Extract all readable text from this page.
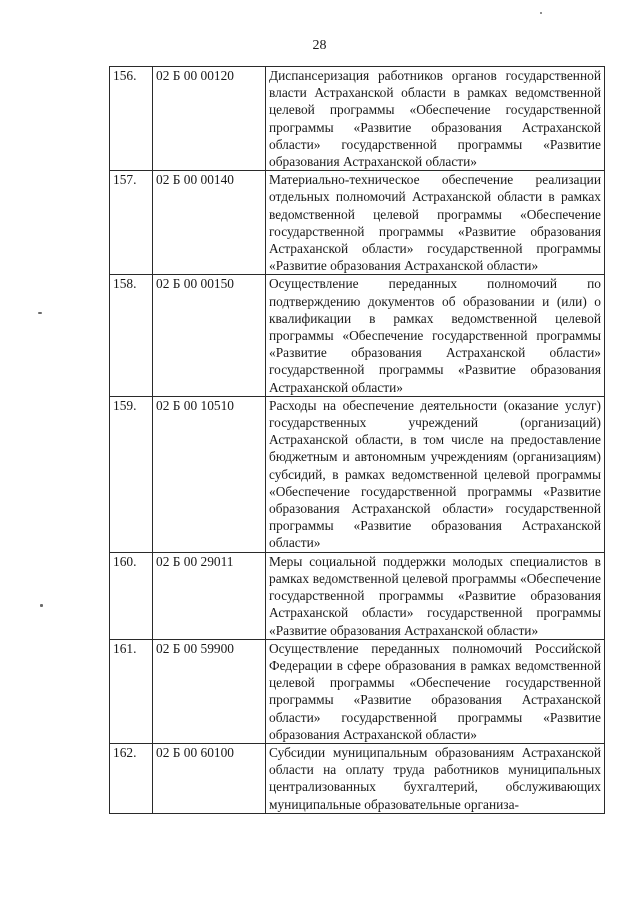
28
156.	02 Б 00 00120	Диспансеризация работников органов государственной власти Астраханской области в рамках ведомственной целевой программы «Обеспечение государственной программы «Развитие образования Астраханской области» государственной программы «Развитие образования Астраханской области»
157.	02 Б 00 00140	Материально-техническое обеспечение реализации отдельных полномочий Астраханской области в рамках ведомственной целевой программы «Обеспечение государственной программы «Развитие образования Астраханской области» государственной программы «Развитие образования Астраханской области»
158.	02 Б 00 00150	Осуществление переданных полномочий по подтверждению документов об образовании и (или) о квалификации в рамках ведомственной целевой программы «Обеспечение государственной программы «Развитие образования Астраханской области» государственной программы «Развитие образования Астраханской области»
159.	02 Б 00 10510	Расходы на обеспечение деятельности (оказание услуг) государственных учреждений (организаций) Астраханской области, в том числе на предоставление бюджетным и автономным учреждениям (организациям) субсидий, в рамках ведомственной целевой программы «Обеспечение государственной программы «Развитие образования Астраханской области» государственной программы «Развитие образования Астраханской области»
160.	02 Б 00 29011	Меры социальной поддержки молодых специалистов в рамках ведомственной целевой программы «Обеспечение государственной программы «Развитие образования Астраханской области» государственной программы «Развитие образования Астраханской области»
161.	02 Б 00 59900	Осуществление переданных полномочий Российской Федерации в сфере образования в рамках ведомственной целевой программы «Обеспечение государственной программы «Развитие образования Астраханской области» государственной программы «Развитие образования Астраханской области»
162.	02 Б 00 60100	Субсидии муниципальным образованиям Астраханской области на оплату труда работников муниципальных централизованных бухгалтерий, обслуживающих муниципальные образовательные организа-
